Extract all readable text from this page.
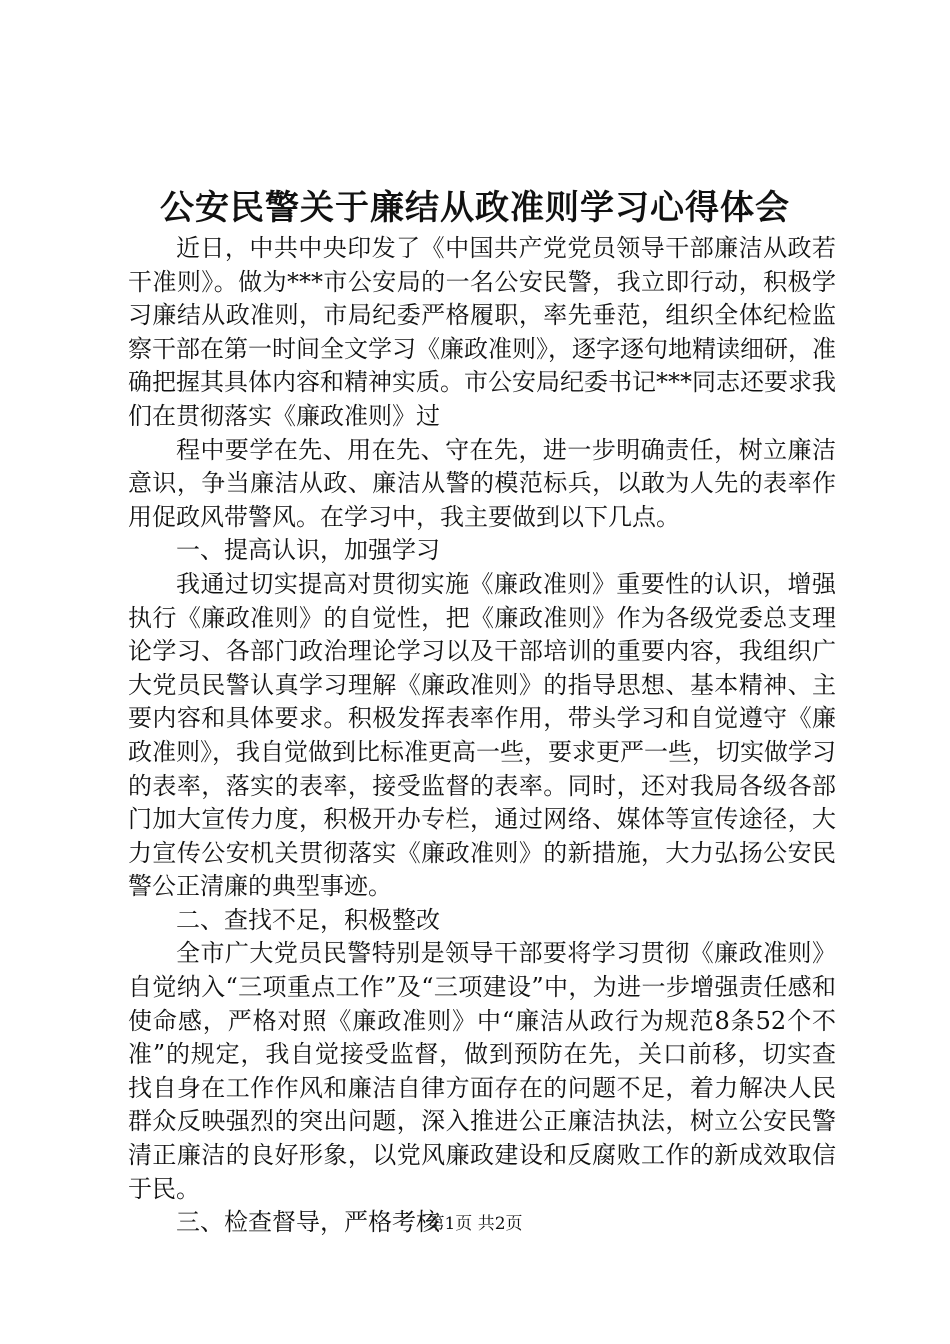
公安民警关于廉结从政准则学习心得体会

近日，中共中央印发了《中国共产党党员领导干部廉洁从政若干准则》。做为***市公安局的一名公安民警，我立即行动，积极学习廉结从政准则，市局纪委严格履职，率先垂范，组织全体纪检监察干部在第一时间全文学习《廉政准则》，逐字逐句地精读细研，准确把握其具体内容和精神实质。市公安局纪委书记***同志还要求我们在贯彻落实《廉政准则》过

程中要学在先、用在先、守在先，进一步明确责任，树立廉洁意识，争当廉洁从政、廉洁从警的模范标兵，以敢为人先的表率作用促政风带警风。在学习中，我主要做到以下几点。

一、提高认识，加强学习

我通过切实提高对贯彻实施《廉政准则》重要性的认识，增强执行《廉政准则》的自觉性，把《廉政准则》作为各级党委总支理论学习、各部门政治理论学习以及干部培训的重要内容，我组织广大党员民警认真学习理解《廉政准则》的指导思想、基本精神、主要内容和具体要求。积极发挥表率作用，带头学习和自觉遵守《廉政准则》，我自觉做到比标准更高一些，要求更严一些，切实做学习的表率，落实的表率，接受监督的表率。同时，还对我局各级各部门加大宣传力度，积极开办专栏，通过网络、媒体等宣传途径，大力宣传公安机关贯彻落实《廉政准则》的新措施，大力弘扬公安民警公正清廉的典型事迹。

二、查找不足，积极整改

全市广大党员民警特别是领导干部要将学习贯彻《廉政准则》自觉纳入“三项重点工作”及“三项建设”中，为进一步增强责任感和使命感，严格对照《廉政准则》中“廉洁从政行为规范8条52个不准”的规定，我自觉接受监督，做到预防在先，关口前移，切实查找自身在工作作风和廉洁自律方面存在的问题不足，着力解决人民群众反映强烈的突出问题，深入推进公正廉洁执法，树立公安民警清正廉洁的良好形象，以党风廉政建设和反腐败工作的新成效取信于民。

三、检查督导，严格考核

第1页 共2页
